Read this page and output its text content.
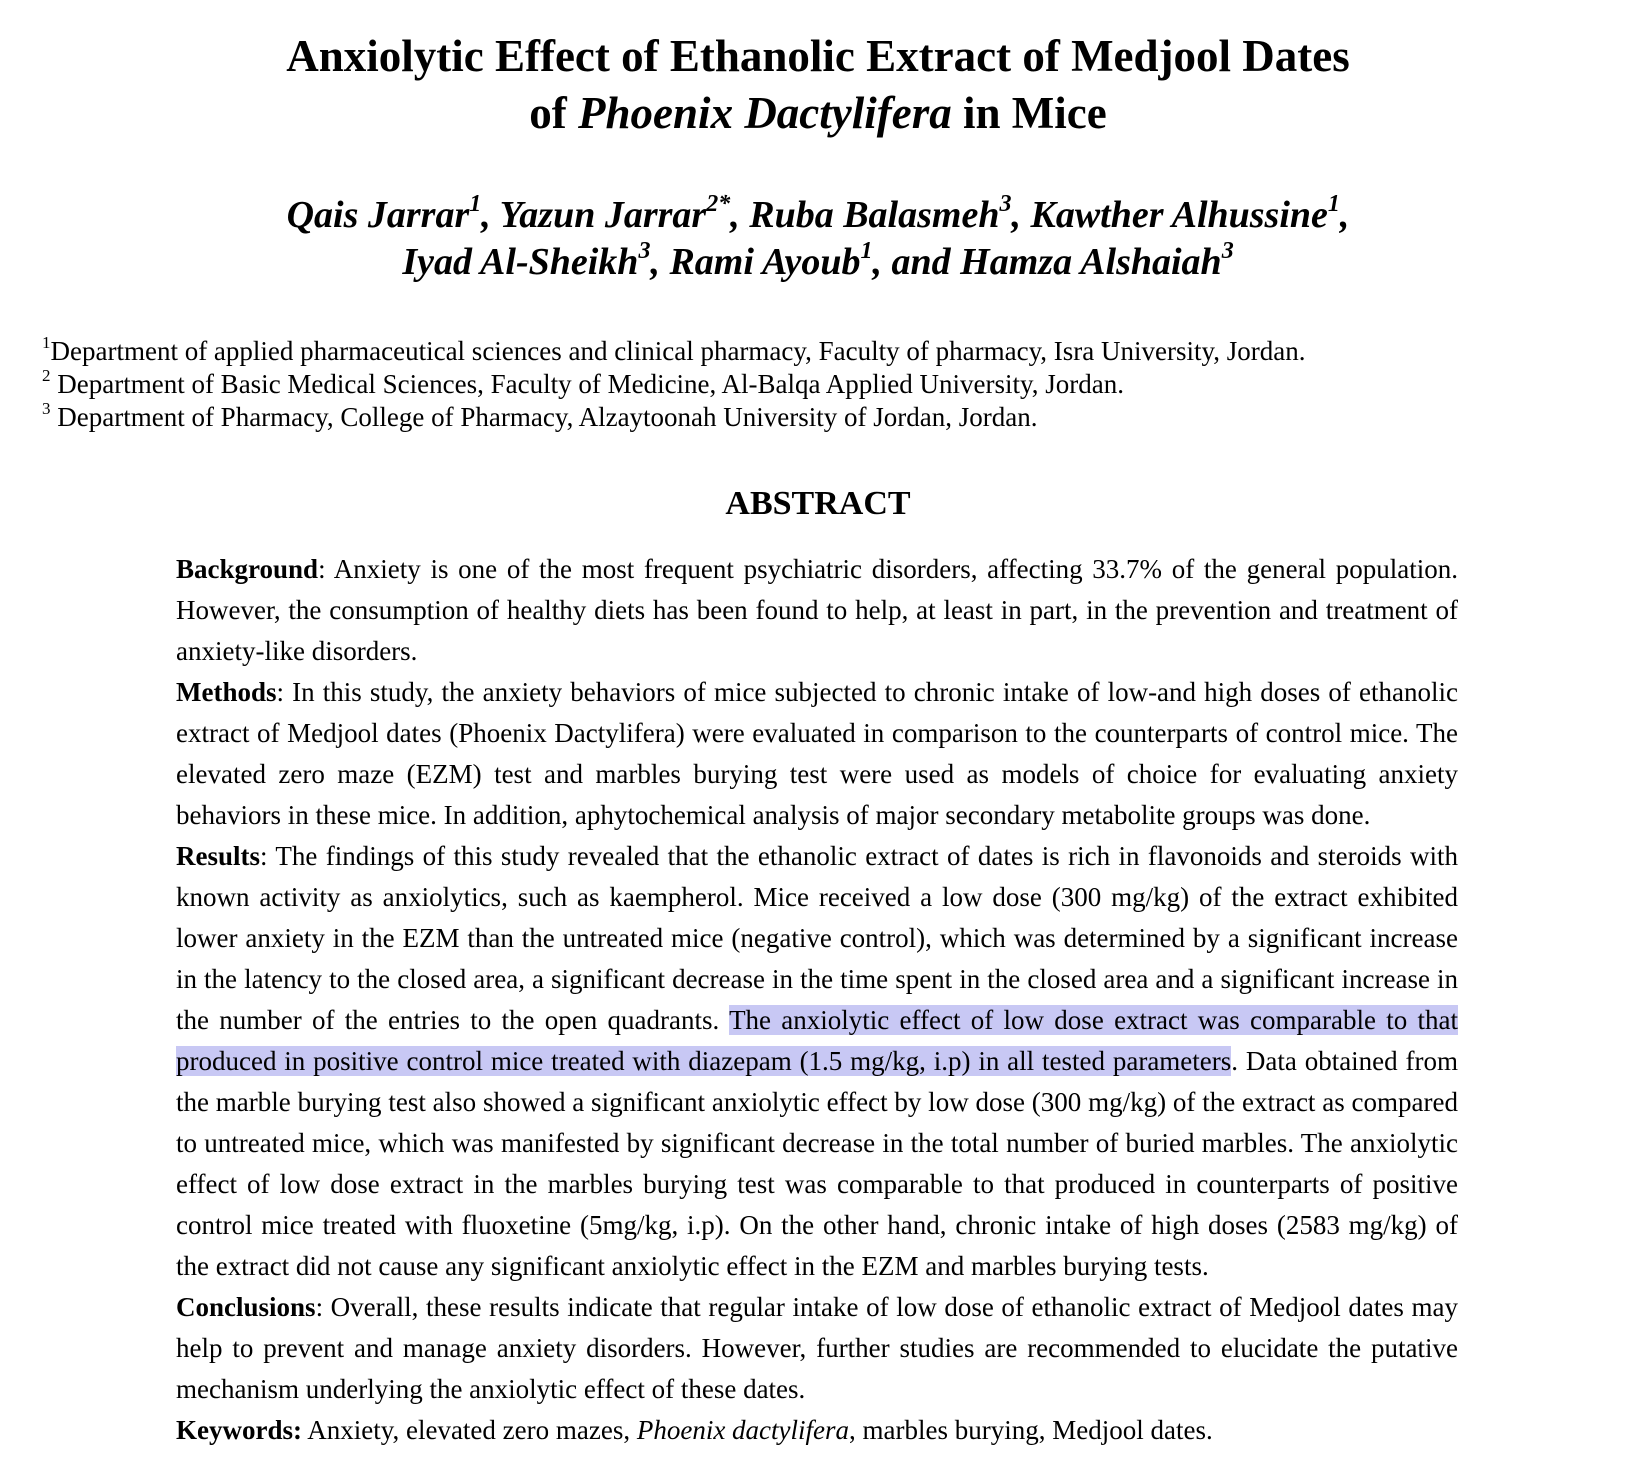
Anxiolytic Effect of Ethanolic Extract of Medjool Dates
of Phoenix Dactylifera in Mice
Qais Jarrar$^1$, Yazun Jarrar$^{2*}$, Ruba Balasmeh$^3$, Kawther Alhussine$^1$,
Iyad Al-Sheikh$^3$, Rami Ayoub$^1$, and Hamza Alshaiah$^3$
$^1$Department of applied pharmaceutical sciences and clinical pharmacy, Faculty of pharmacy, Isra University, Jordan.
$^2$ Department of Basic Medical Sciences, Faculty of Medicine, Al-Balqa Applied University, Jordan.
$^3$ Department of Pharmacy, College of Pharmacy, Alzaytoonah University of Jordan, Jordan.
ABSTRACT

Background: Anxiety is one of the most frequent psychiatric disorders, affecting 33.7% of the general population. However, the consumption of healthy diets has been found to help, at least in part, in the prevention and treatment of anxiety-like disorders.

Methods: In this study, the anxiety behaviors of mice subjected to chronic intake of low-and high doses of ethanolic extract of Medjool dates (Phoenix Dactylifera) were evaluated in comparison to the counterparts of control mice. The elevated zero maze (EZM) test and marbles burying test were used as models of choice for evaluating anxiety behaviors in these mice. In addition, aphytochemical analysis of major secondary metabolite groups was done.

Results: The findings of this study revealed that the ethanolic extract of dates is rich in flavonoids and steroids with known activity as anxiolytics, such as kaempherol. Mice received a low dose (300 mg/kg) of the extract exhibited lower anxiety in the EZM than the untreated mice (negative control), which was determined by a significant increase in the latency to the closed area, a significant decrease in the time spent in the closed area and a significant increase in the number of the entries to the open quadrants. The anxiolytic effect of low dose extract was comparable to that produced in positive control mice treated with diazepam (1.5 mg/kg, i.p) in all tested parameters. Data obtained from the marble burying test also showed a significant anxiolytic effect by low dose (300 mg/kg) of the extract as compared to untreated mice, which was manifested by significant decrease in the total number of buried marbles. The anxiolytic effect of low dose extract in the marbles burying test was comparable to that produced in counterparts of positive control mice treated with fluoxetine (5mg/kg, i.p). On the other hand, chronic intake of high doses (2583 mg/kg) of the extract did not cause any significant anxiolytic effect in the EZM and marbles burying tests.

Conclusions: Overall, these results indicate that regular intake of low dose of ethanolic extract of Medjool dates may help to prevent and manage anxiety disorders. However, further studies are recommended to elucidate the putative mechanism underlying the anxiolytic effect of these dates.

Keywords: Anxiety, elevated zero mazes, Phoenix dactylifera, marbles burying, Medjool dates.
